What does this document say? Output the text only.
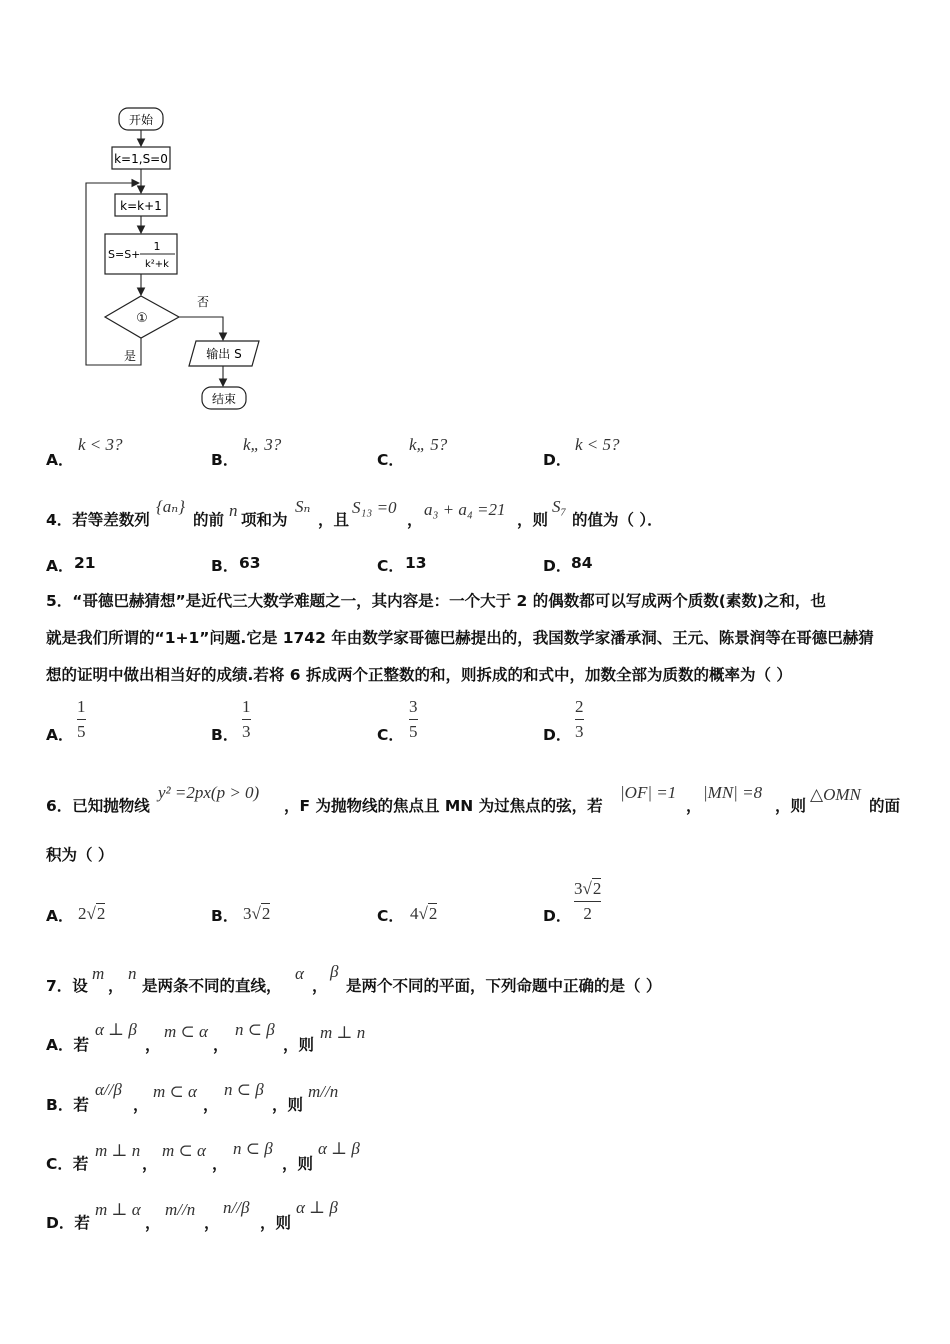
开始
k=1,S=0
k=k+1
S=S+
1
k²+k
①
否
是	输出 S
结束
A．
k < 3?
B．
k„ 3?
C．
k„ 5?
D．
k < 5?
4．若等差数列
{aₙ}
的前 n 项和为
Sₙ
，且
S₁₃ =0
，
a₃ + a₄ =21
，则
S₇
的值为（ ）．
A． 21	B． 63	C． 13	D． 84
5．“哥德巴赫猜想”是近代三大数学难题之一，其内容是：一个大于 2 的偶数都可以写成两个质数(素数)之和，也
就是我们所谓的“1+1”问题.它是 1742 年由数学家哥德巴赫提出的，我国数学家潘承洞、王元、陈景润等在哥德巴赫猜
想的证明中做出相当好的成绩.若将 6 拆成两个正整数的和，则拆成的和式中，加数全部为质数的概率为（ ）
A．
1
5	B．
1
3	C．
3
5	D．
2
3
6．已知抛物线
y² =2px(p > 0)
，F 为抛物线的焦点且 MN 为过焦点的弦，若
|OF| =1
，
|MN| =8
，则
△OMN
的面
积为（ ）
A． 2√2	B． 3√2	C． 4√2	D．
3√2
2
7．设
m
，
n
是两条不同的直线，
α
，
β
是两个不同的平面，下列命题中正确的是（ ）
A．若
α ⊥ β
，
m ⊂ α
，
n ⊂ β
，则
m ⊥ n
B．若
α//β
，
m ⊂ α
，
n ⊂ β
，则
m//n
C．若
m ⊥ n
，
m ⊂ α
，
n ⊂ β
，则
α ⊥ β
D．若
m ⊥ α
，
m//n
，
n//β
，则
α ⊥ β
